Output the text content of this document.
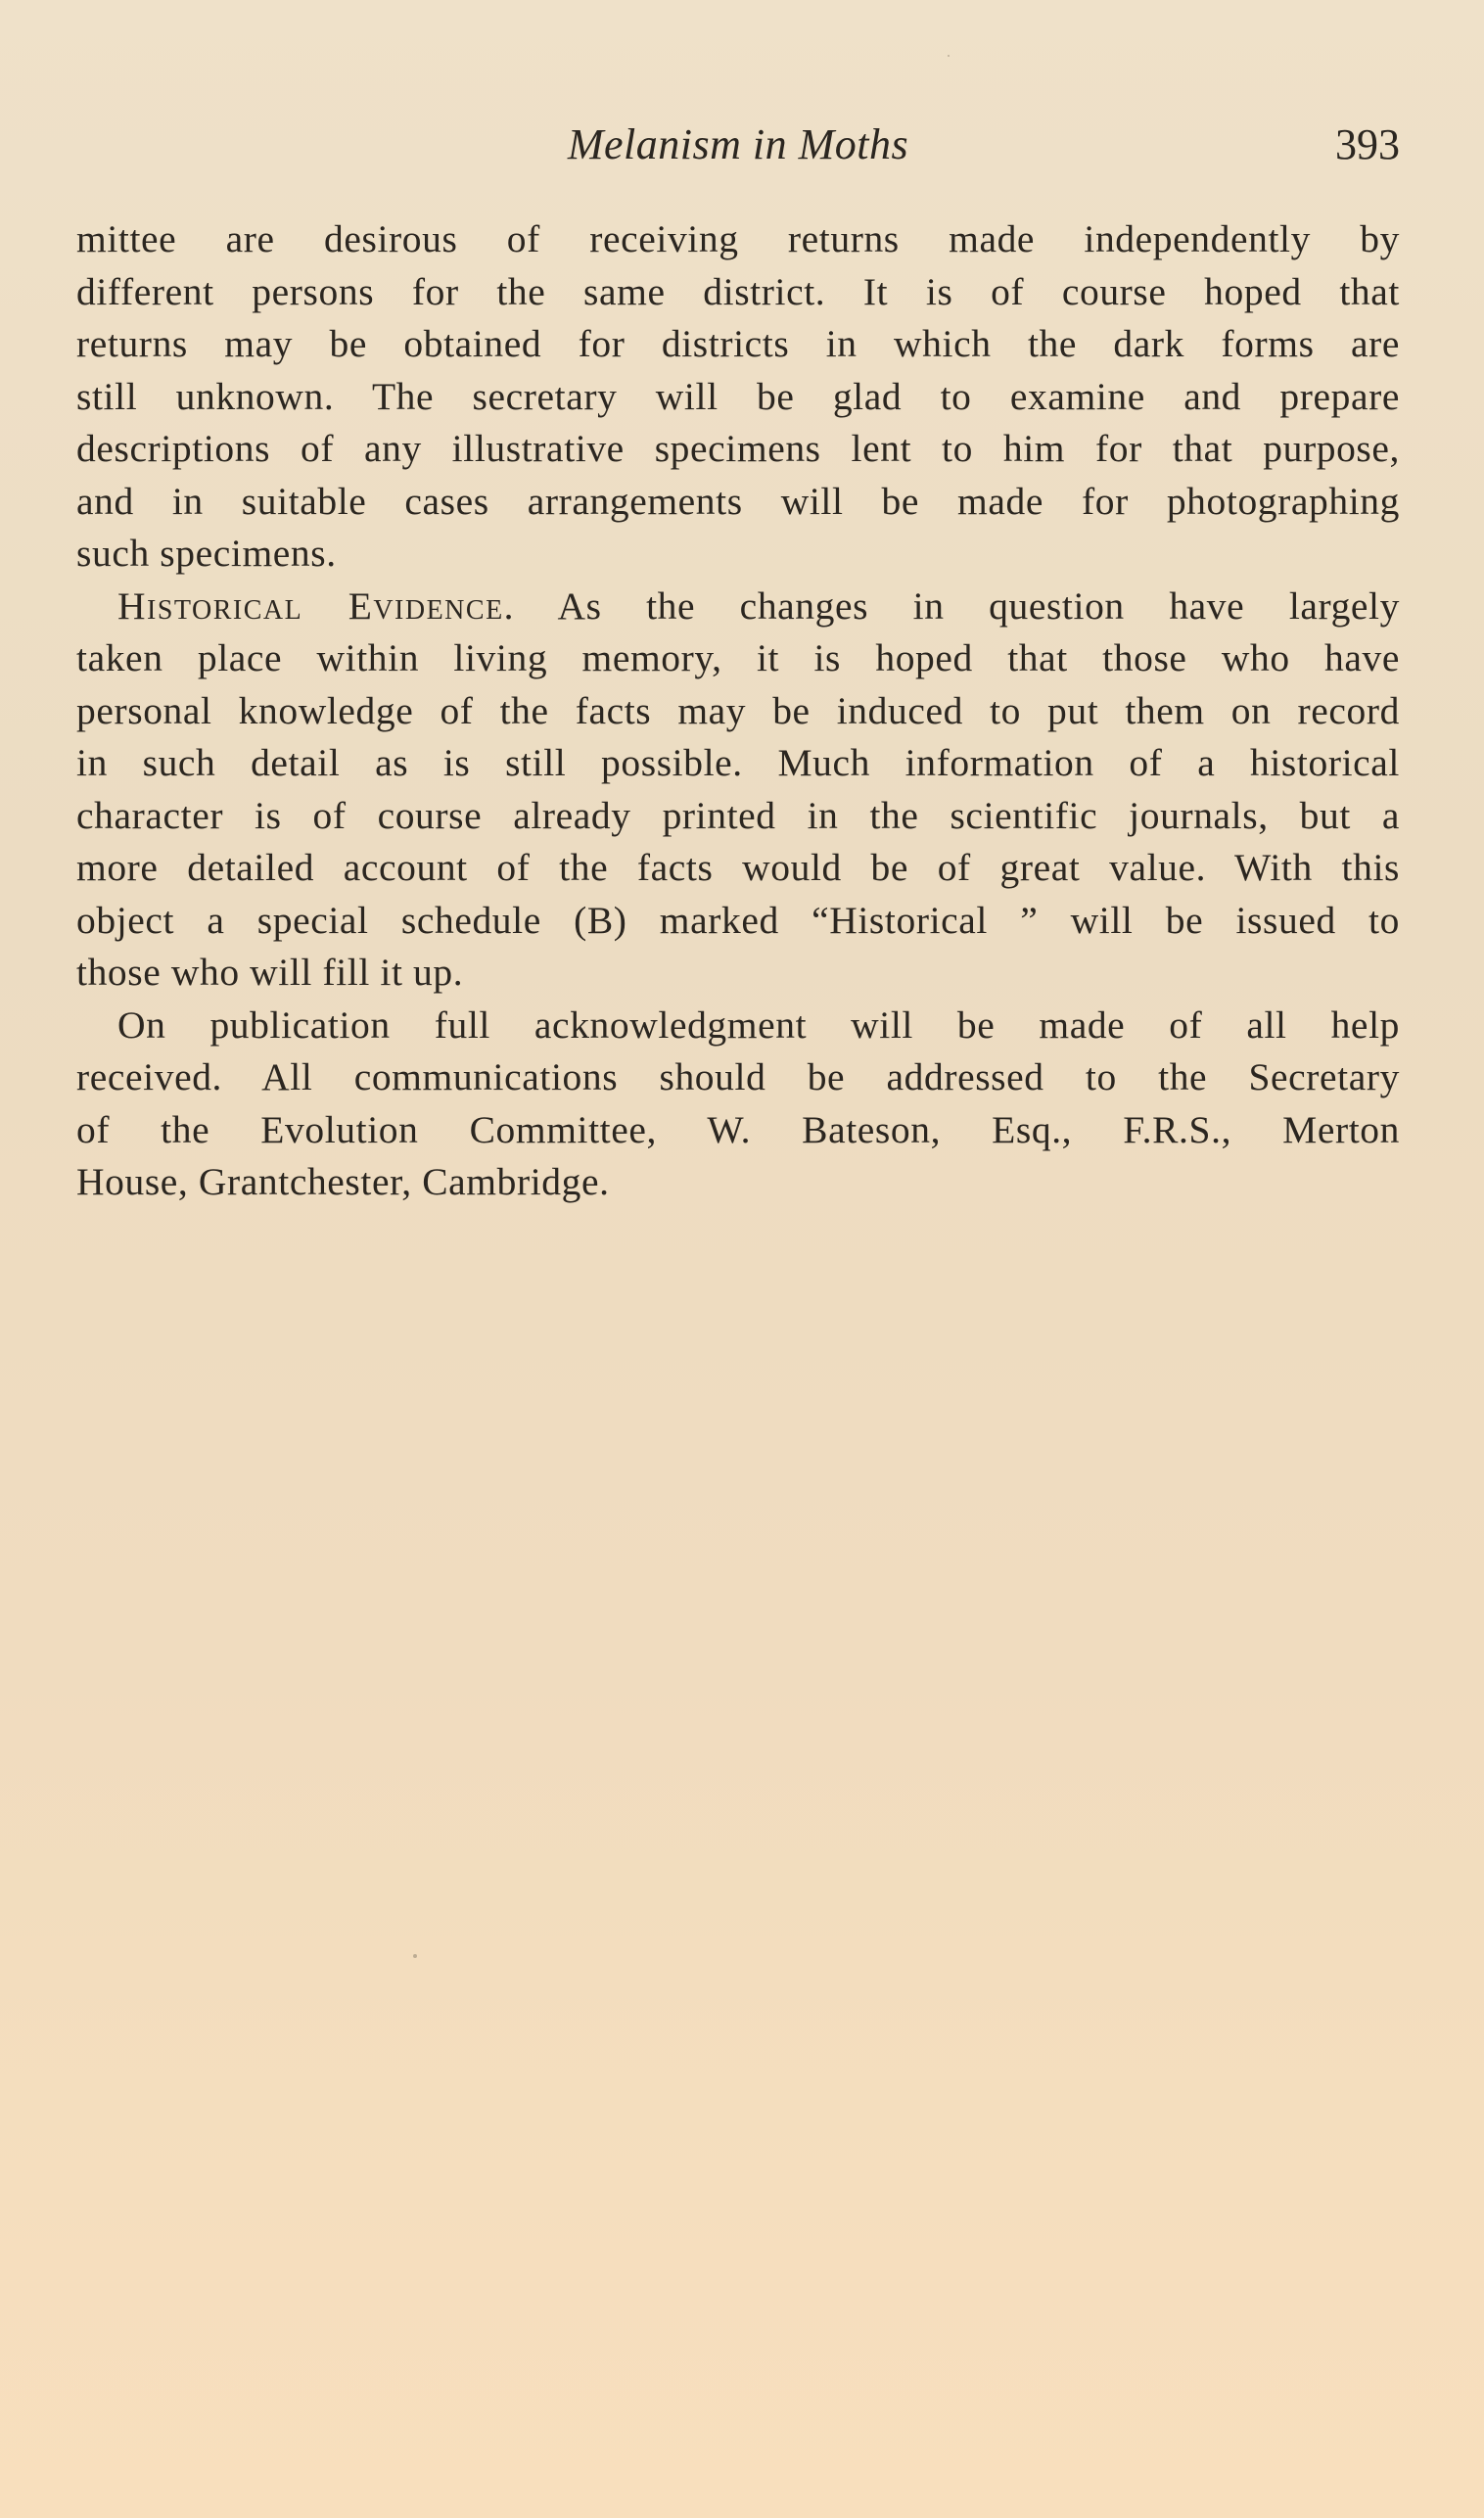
Melanism in Moths	393

mittee are desirous of receiving returns made independently by
different persons for the same district. It is of course hoped that
returns may be obtained for districts in which the dark forms are
still unknown. The secretary will be glad to examine and prepare
descriptions of any illustrative specimens lent to him for that purpose,
and in suitable cases arrangements will be made for photographing
such specimens.

Historical Evidence. As the changes in question have largely
taken place within living memory, it is hoped that those who have
personal knowledge of the facts may be induced to put them on record
in such detail as is still possible. Much information of a historical
character is of course already printed in the scientific journals, but a
more detailed account of the facts would be of great value. With this
object a special schedule (B) marked “Historical ” will be issued to
those who will fill it up.

On publication full acknowledgment will be made of all help
received. All communications should be addressed to the Secretary
of the Evolution Committee, W. Bateson, Esq., F.R.S., Merton
House, Grantchester, Cambridge.
